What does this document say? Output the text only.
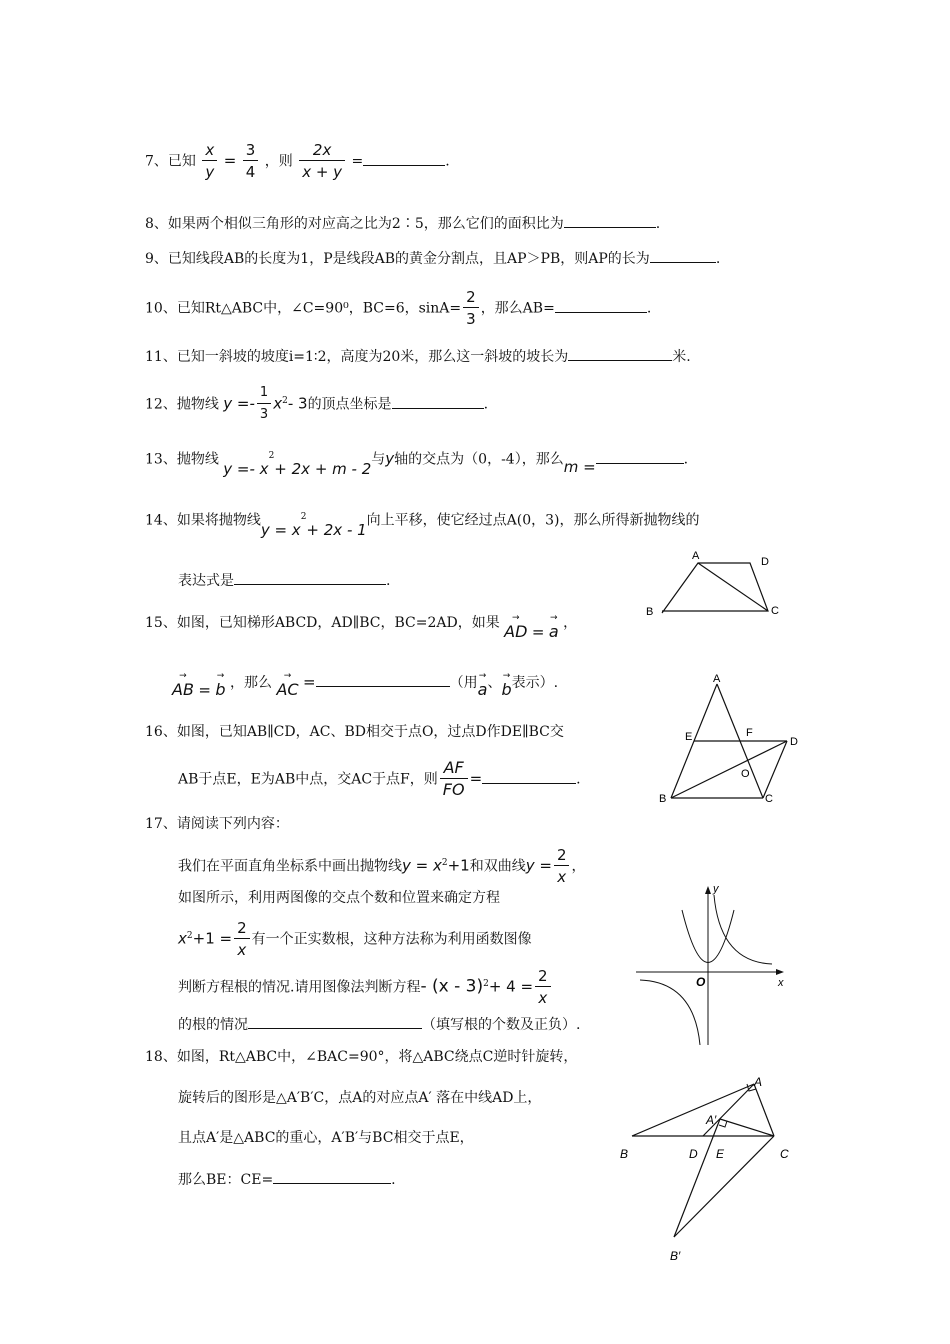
7、已知 $\frac{x}{y} = \frac{3}{4}$ ，则 $\frac{2x}{x + y}$ =	.
8、如果两个相似三角形的对应高之比为2∶5，那么它们的面积比为	.
9、已知线段AB的长度为1，P是线段AB的黄金分割点，且AP＞PB，则AP的长为	.
10、已知Rt△ABC中，∠C=90⁰，BC=6，$\sin A= \frac{2}{3}$ ，那么AB=	.
11、已知一斜坡的坡度i=1∶2，高度为20米，那么这一斜坡的坡长为	米.
12、抛物线 $y =- \frac{1}{3} x^2-$ 3的顶点坐标是	.
13、抛物线 $y =- x^2+ 2x + m - 2$与y轴的交点为（0，-4），那么m =	.
14、如果将抛物线$y = x^2+ 2x - 1$向上平移，使它经过点A(0，3)，那么所得新抛物线的
表达式是	.
A	D
B	C
15、如图，已知梯形ABCD，AD∥BC，BC=2AD，如果 → AD = → a ，
→ AB = → b ，那么 → AC =	（用→ a、→ b表示）.	A
E	F
D
O
B	C
16、如图，已知AB∥CD，AC、BD相交于点O，过点D作DE∥BC交
AB于点E，E为AB中点，交AC于点F，则 $\frac{AF}{FO}$ =	.
17、请阅读下列内容：
我们在平面直角坐标系中画出抛物线$y = x^2+1$和双曲线$y = \frac{2}{x}$ ，
如图所示，利用两图像的交点个数和位置来确定方程
$x^2+1 = \frac{2}{x}$ 有一个正实数根，这种方法称为利用函数图像
判断方程根的情况.请用图像法判断方程- $(x - 3)^2+ 4 = \frac{2}{x}$
的根的情况	（填写根的个数及正负）.
y
x
O
18、如图，Rt△ABC中，∠BAC=90°，将△ABC绕点C逆时针旋转，
旋转后的图形是△A′B′C，点A的对应点A′ 落在中线AD上，
且点A′是△ABC的重心，A′B′与BC相交于点E，
那么BE：CE=	.
A
A′
B	D E	C
B′
